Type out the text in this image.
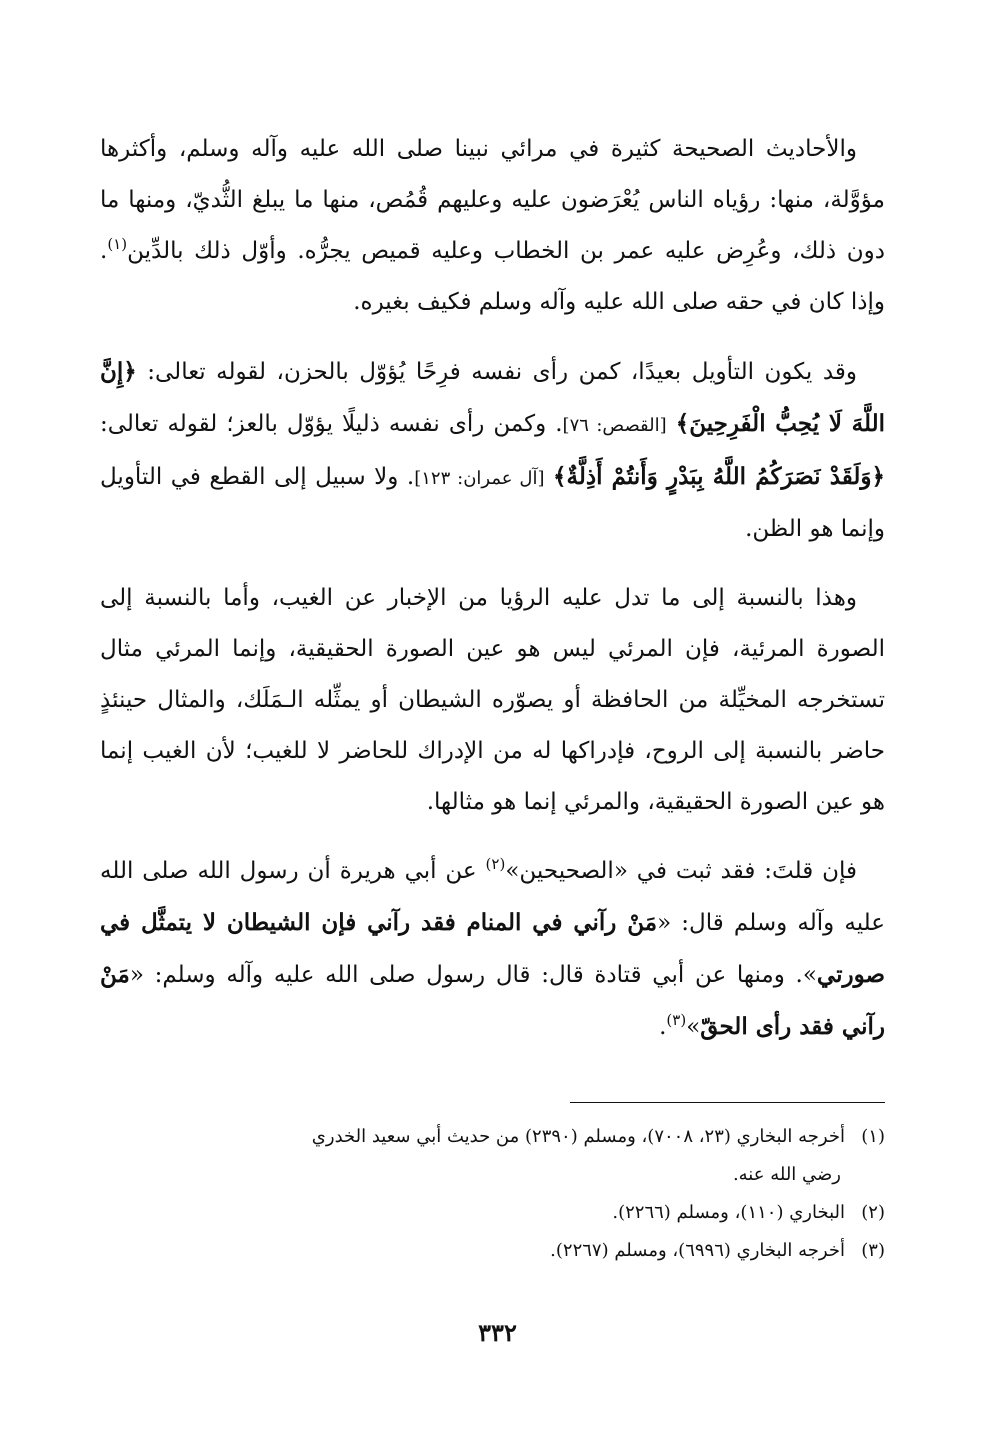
والأحاديث الصحيحة كثيرة في مرائي نبينا صلى الله عليه وآله وسلم، وأكثرها مؤوَّلة، منها: رؤياه الناس يُعْرَضون عليه وعليهم قُمُص، منها ما يبلغ الثُّديّ، ومنها ما دون ذلك، وعُرِض عليه عمر بن الخطاب وعليه قميص يجرُّه. وأوّل ذلك بالدِّين$^{(١)}$. وإذا كان في حقه صلى الله عليه وآله وسلم فكيف بغيره.

وقد يكون التأويل بعيدًا، كمن رأى نفسه فرِحًا يُؤوّل بالحزن، لقوله تعالى: ﴿إِنَّ اللَّهَ لَا يُحِبُّ الْفَرِحِينَ﴾ [القصص: ٧٦]. وكمن رأى نفسه ذليلًا يؤوّل بالعز؛ لقوله تعالى: ﴿وَلَقَدْ نَصَرَكُمُ اللَّهُ بِبَدْرٍ وَأَنتُمْ أَذِلَّةٌ﴾ [آل عمران: ١٢٣]. ولا سبيل إلى القطع في التأويل وإنما هو الظن.

وهذا بالنسبة إلى ما تدل عليه الرؤيا من الإخبار عن الغيب، وأما بالنسبة إلى الصورة المرئية، فإن المرئي ليس هو عين الصورة الحقيقية، وإنما المرئي مثال تستخرجه المخيِّلة من الحافظة أو يصوّره الشيطان أو يمثِّله الـمَلَك، والمثال حينئذٍ حاضر بالنسبة إلى الروح، فإدراكها له من الإدراك للحاضر لا للغيب؛ لأن الغيب إنما هو عين الصورة الحقيقية، والمرئي إنما هو مثالها.

فإن قلتَ: فقد ثبت في «الصحيحين»$^{(٢)}$ عن أبي هريرة أن رسول الله صلى الله عليه وآله وسلم قال: «مَنْ رآني في المنام فقد رآني فإن الشيطان لا يتمثَّل في صورتي». ومنها عن أبي قتادة قال: قال رسول صلى الله عليه وآله وسلم: «مَنْ رآني فقد رأى الحقّ»$^{(٣)}$.

(١)أخرجه البخاري (٢٣، ٧٠٠٨)، ومسلم (٢٣٩٠) من حديث أبي سعيد الخدري
رضي الله عنه.
(٢)البخاري (١١٠)، ومسلم (٢٢٦٦).
(٣)أخرجه البخاري (٦٩٩٦)، ومسلم (٢٢٦٧).
٣٣٢
